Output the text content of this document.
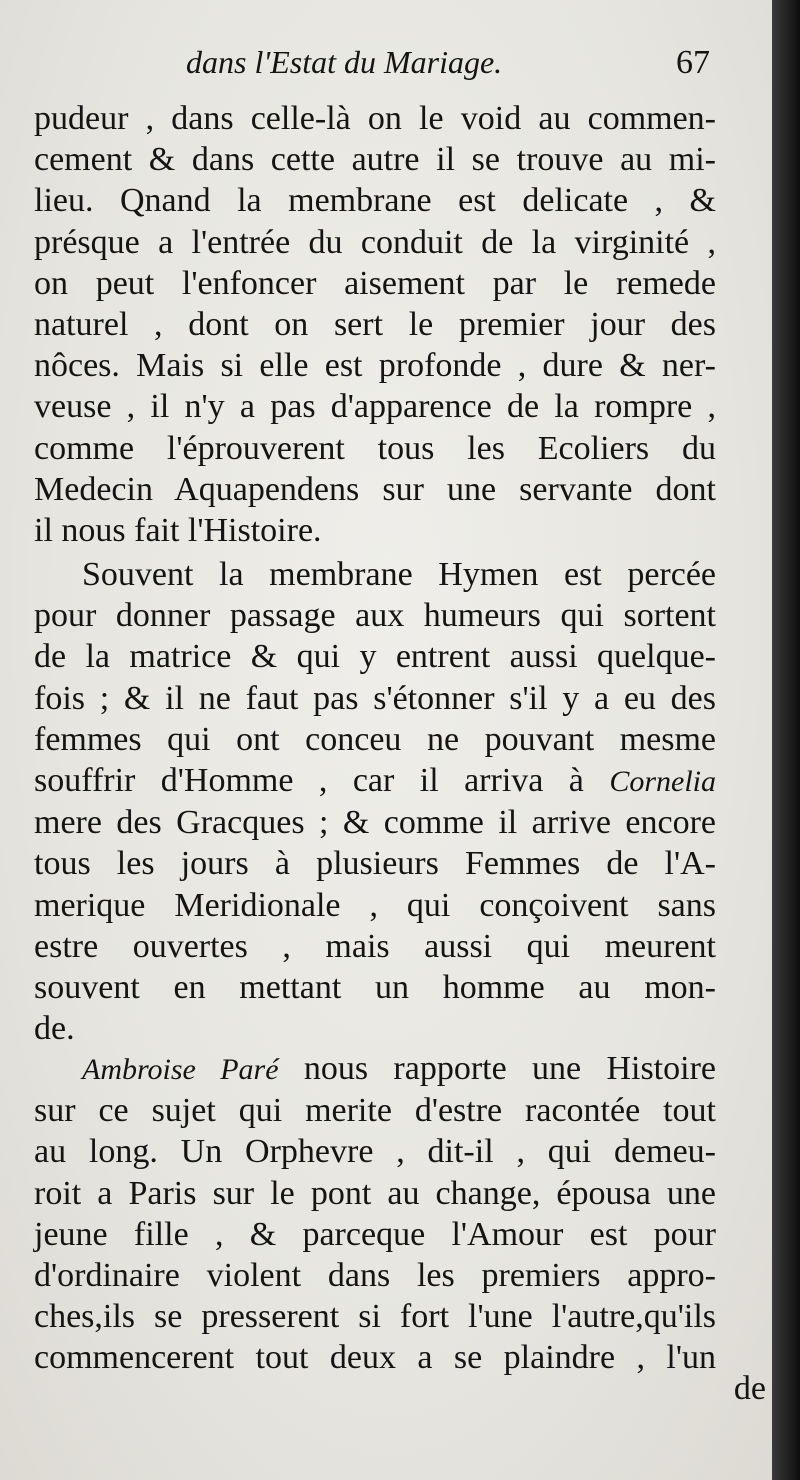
dans l'Estat du Mariage.	67
pudeur , dans celle-là on le void au commen-
cement & dans cette autre il se trouve au mi-
lieu. Qnand la membrane est delicate , &
présque a l'entrée du conduit de la virginité ,
on peut l'enfoncer aisement par le remede
naturel , dont on sert le premier jour des
nôces. Mais si elle est profonde , dure & ner-
veuse , il n'y a pas d'apparence de la rompre ,
comme l'éprouverent tous les Ecoliers du
Medecin Aquapendens sur une servante dont
il nous fait l'Histoire.
Souvent la membrane Hymen est percée
pour donner passage aux humeurs qui sortent
de la matrice & qui y entrent aussi quelque-
fois ; & il ne faut pas s'étonner s'il y a eu des
femmes qui ont conceu ne pouvant mesme
souffrir d'Homme , car il arriva à Cornelia
mere des Gracques ; & comme il arrive encore
tous les jours à plusieurs Femmes de l'A-
merique Meridionale , qui conçoivent sans
estre ouvertes , mais aussi qui meurent
souvent en mettant un homme au mon-
de.
Ambroise Paré nous rapporte une Histoire
sur ce sujet qui merite d'estre racontée tout
au long. Un Orphevre , dit-il , qui demeu-
roit a Paris sur le pont au change, épousa une
jeune fille , & parceque l'Amour est pour
d'ordinaire violent dans les premiers appro-
ches,ils se presserent si fort l'une l'autre,qu'ils
commencerent tout deux a se plaindre , l'un
de
